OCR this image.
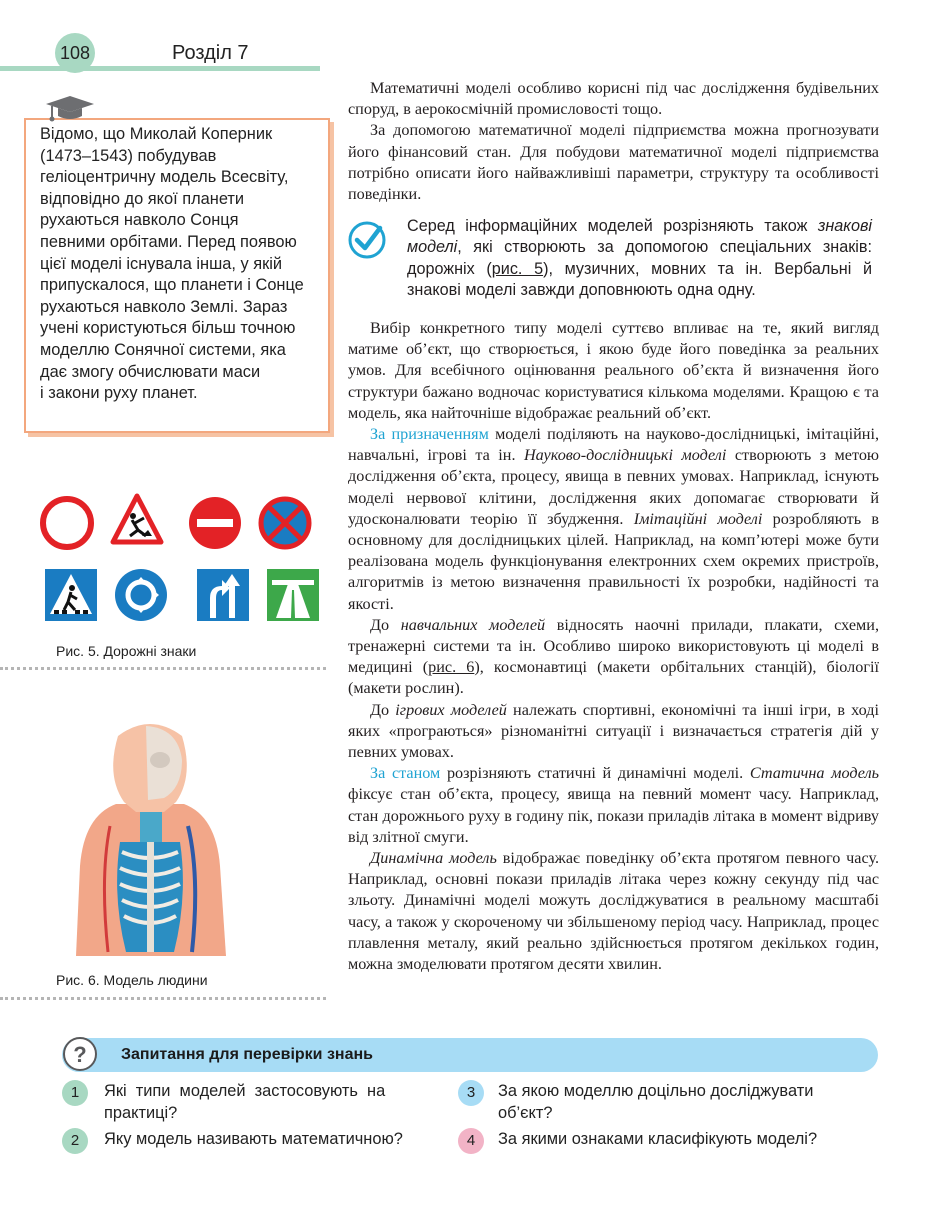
108	Розділ 7
Відомо, що Миколай Коперник
(1473–1543) побудував
геліоцентричну модель Всесвіту,
відповідно до якої планети
рухаються навколо Сонця
певними орбітами. Перед появою
цієї моделі існувала інша, у якій
припускалося, що планети і Сонце
рухаються навколо Землі. Зараз
учені користуються більш точною
моделлю Сонячної системи, яка
дає змогу обчислювати маси
і закони руху планет.
Рис. 5. Дорожні знаки
Рис. 6. Модель людини

Математичні моделі особливо корисні під час дослідження будівельних споруд, в аерокосмічній промисловості тощо.

За допомогою математичної моделі підприємства можна прогнозувати його фінансовий стан. Для побудови математичної моделі підприємства потрібно описати його найважливіші параметри, структуру та особливості поведінки.

Серед інформаційних моделей розрізняють також знакові моделі, які створюють за допомогою спеціальних знаків: дорожніх (рис. 5), музичних, мовних та ін. Вербальні й знакові моделі завжди доповнюють одна одну.

Вибір конкретного типу моделі суттєво впливає на те, який вигляд матиме об’єкт, що створюється, і якою буде його поведінка за реальних умов. Для всебічного оцінювання реального об’єкта й визначення його структури бажано водночас користуватися кількома моделями. Кращою є та модель, яка найточніше відображає реальний об’єкт.

За призначенням моделі поділяють на науково-дослідницькі, імітаційні, навчальні, ігрові та ін. Науково-дослідницькі моделі створюють з метою дослідження об’єкта, процесу, явища в певних умовах. Наприклад, існують моделі нервової клітини, дослідження яких допомагає створювати й удосконалювати теорію її збудження. Імітаційні моделі розробляють в основному для дослідницьких цілей. Наприклад, на комп’ютері може бути реалізована модель функціонування електронних схем окремих пристроїв, алгоритмів із метою визначення правильності їх розробки, надійності та якості.

До навчальних моделей відносять наочні прилади, плакати, схеми, тренажерні системи та ін. Особливо широко використовують ці моделі в медицині (рис. 6), космонавтиці (макети орбітальних станцій), біології (макети рослин).

До ігрових моделей належать спортивні, економічні та інші ігри, в ході яких «програються» різноманітні ситуації і визначається стратегія дій у певних умовах.

За станом розрізняють статичні й динамічні моделі. Статична модель фіксує стан об’єкта, процесу, явища на певний момент часу. Наприклад, стан дорожнього руху в годину пік, покази приладів літака в момент відриву від злітної смуги.

Динамічна модель відображає поведінку об’єкта протягом певного часу. Наприклад, основні покази приладів літака через кожну секунду під час зльоту. Динамічні моделі можуть досліджуватися в реальному масштабі часу, а також у скороченому чи збільшеному період часу. Наприклад, процес плавлення металу, який реально здійснюється протягом декількох годин, можна змоделювати протягом десяти хвилин.

? Запитання для перевірки знань
1	Які  типи  моделей  застосовують  на
практиці?
2	Яку модель називають математичною?
3	За якою моделлю доцільно досліджувати
об’єкт?
4	За якими ознаками класифікують моделі?
